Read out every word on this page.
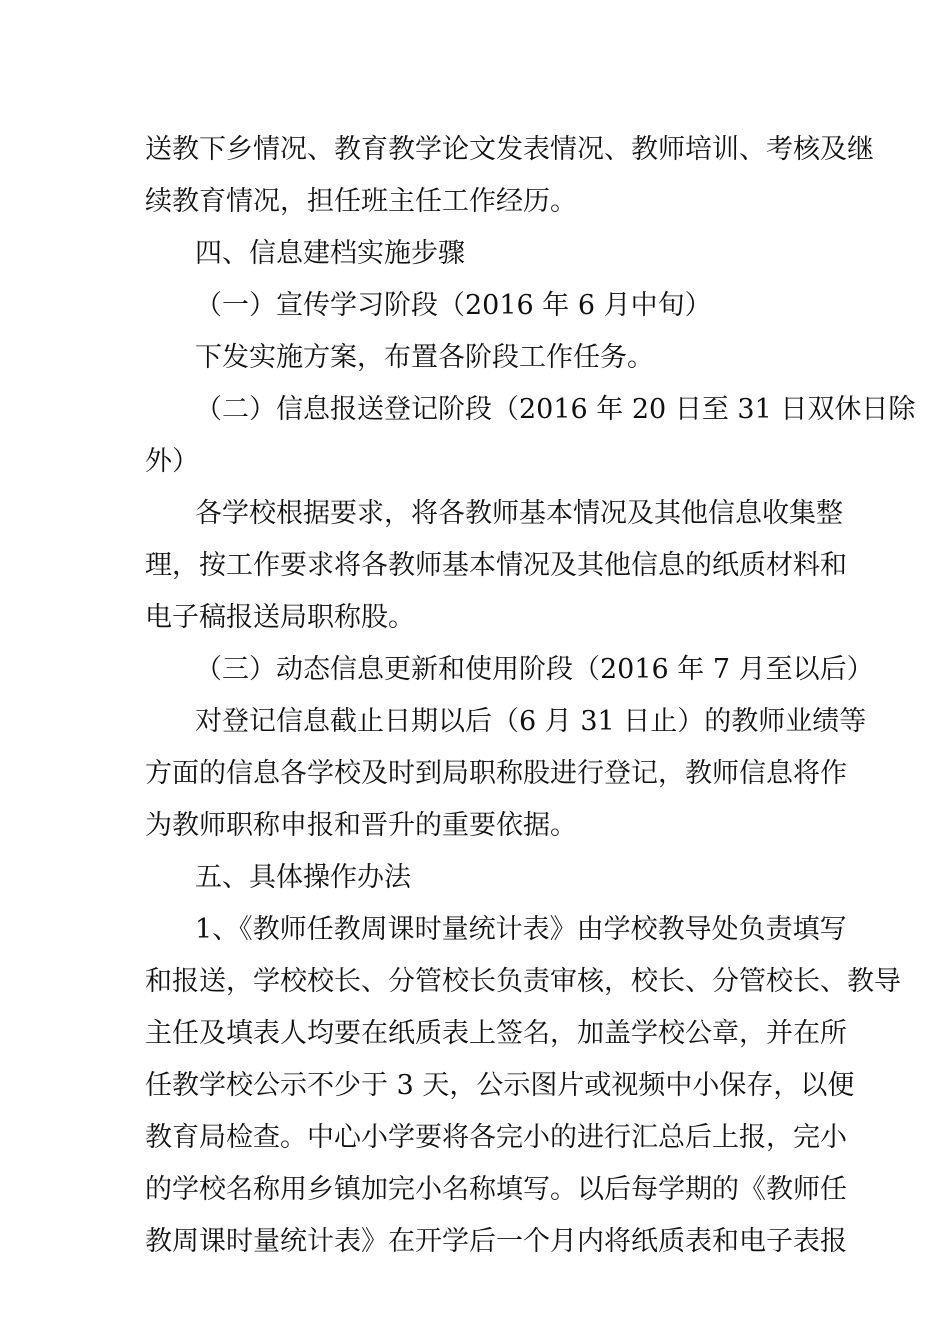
送教下乡情况、教育教学论文发表情况、教师培训、考核及继
续教育情况，担任班主任工作经历。
四、信息建档实施步骤
（一）宣传学习阶段（2016 年 6 月中旬）
下发实施方案，布置各阶段工作任务。
（二）信息报送登记阶段（2016 年 20 日至 31 日双休日除
外）
各学校根据要求，将各教师基本情况及其他信息收集整
理，按工作要求将各教师基本情况及其他信息的纸质材料和
电子稿报送局职称股。
（三）动态信息更新和使用阶段（2016 年 7 月至以后）
对登记信息截止日期以后（6 月 31 日止）的教师业绩等
方面的信息各学校及时到局职称股进行登记，教师信息将作
为教师职称申报和晋升的重要依据。
五、具体操作办法
1、《教师任教周课时量统计表》由学校教导处负责填写
和报送，学校校长、分管校长负责审核，校长、分管校长、教导
主任及填表人均要在纸质表上签名，加盖学校公章，并在所
任教学校公示不少于 3 天，公示图片或视频中小保存，以便
教育局检查。中心小学要将各完小的进行汇总后上报，完小
的学校名称用乡镇加完小名称填写。以后每学期的《教师任
教周课时量统计表》在开学后一个月内将纸质表和电子表报
